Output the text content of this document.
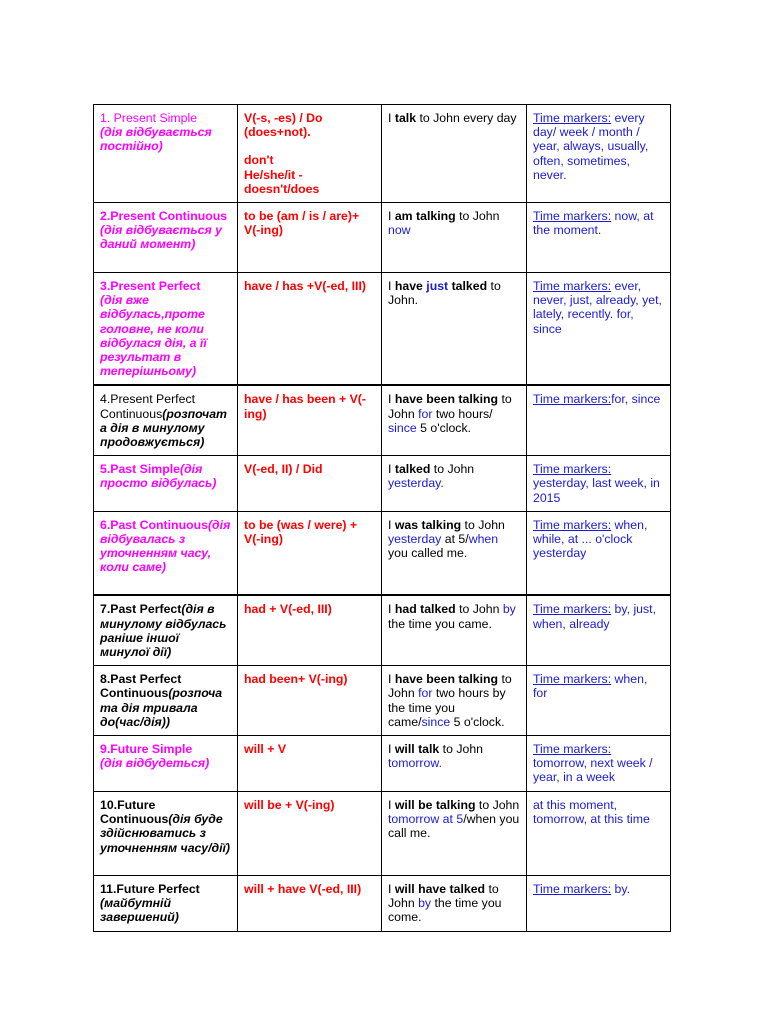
1. Present Simple
(дія відбувається постійно)	V(-s, -es) / Do (does+not).
don't
He/she/it - doesn't/does	I talk to John every day	Time markers: every day/ week / month / year, always, usually, often, sometimes, never.
2.Present Continuous
(дія відбувається у даний момент)	to be (am / is / are)+ V(-ing)	I am talking to John now	Time markers: now, at the moment.
3.Present Perfect
(дія вже відбулась,проте головне, не коли відбулася дія, а її результат в теперішньому)	have / has +V(-ed, III)	I have just talked to John.	Time markers: ever, never, just, already, yet, lately, recently. for, since
4.Present Perfect Continuous(розпочата дія в минулому продовжується)	have / has been + V(-ing)	I have been talking to John for two hours/ since 5 o'clock.	Time markers:for, since
5.Past Simple(дія просто відбулась)	V(-ed, II) / Did	I talked to John yesterday.	Time markers: yesterday, last week, in 2015
6.Past Continuous(дія відбувалась з уточненням часу, коли саме)	to be (was / were) + V(-ing)	I was talking to John yesterday at 5/when you called me.	Time markers: when, while, at ... o'clock yesterday
7.Past Perfect(дія в минулому відбулась раніше іншої минулої дії)	had + V(-ed, III)	I had talked to John by the time you came.	Time markers: by, just, when, already
8.Past Perfect Continuous(розпочата дія тривала до(час/дія))	had been+ V(-ing)	I have been talking to John for two hours by the time you came/since 5 o'clock.	Time markers: when, for
9.Future Simple
(дія відбудеться)	will + V	I will talk to John tomorrow.	Time markers: tomorrow, next week / year, in a week
10.Future Continuous(дія буде здійснюватись з уточненням часу/дії)	will be + V(-ing)	I will be talking to John tomorrow at 5/when you call me.	at this moment, tomorrow, at this time
11.Future Perfect
(майбутній завершений)	will + have V(-ed, III)	I will have talked to John by the time you come.	Time markers: by.
